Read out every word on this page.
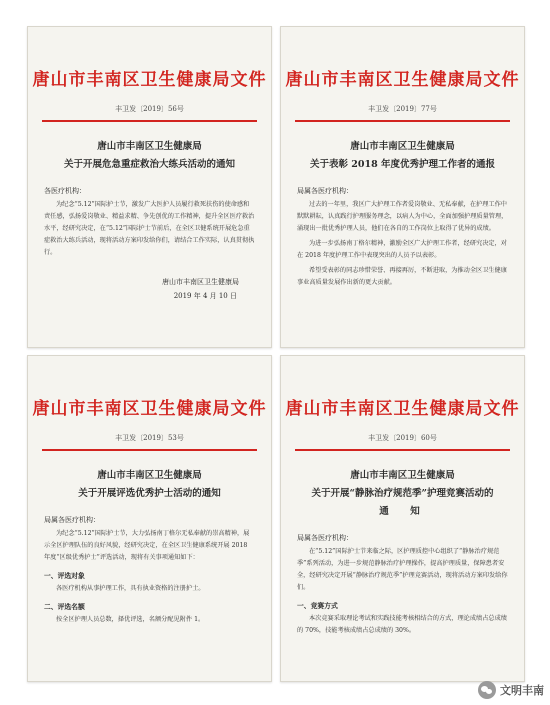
唐山市丰南区卫生健康局文件
丰卫发〔2019〕56号
唐山市丰南区卫生健康局
关于开展危急重症救治大练兵活动的通知
各医疗机构：

为纪念“5.12”国际护士节，激发广大医护人员履行救死扶伤的使命感和责任感，弘扬爱岗敬业、精益求精、争先创优的工作精神，提升全区医疗救治水平，经研究决定，在“5.12”国际护士节前后，在全区卫健系统开展危急重症救治大练兵活动，现将活动方案印发给你们，请结合工作实际，认真贯彻执行。

唐山市丰南区卫生健康局
2019 年 4 月 10 日
唐山市丰南区卫生健康局文件
丰卫发〔2019〕77号
唐山市丰南区卫生健康局
关于表彰 2018 年度优秀护理工作者的通报
局属各医疗机构：

过去的一年里，我区广大护理工作者爱岗敬业、无私奉献，在护理工作中默默耕耘，认真践行护理服务理念，以病人为中心，全面加强护理质量管理，涌现出一批优秀护理人员，他们在各自的工作岗位上取得了优异的成绩。

为进一步弘扬南丁格尔精神，激励全区广大护理工作者，经研究决定，对在 2018 年度护理工作中表现突出的人员予以表彰。

希望受表彰的同志珍惜荣誉、再接再厉，不断进取，为推动全区卫生健康事业高质量发展作出新的更大贡献。

唐山市丰南区卫生健康局文件
丰卫发〔2019〕53号
唐山市丰南区卫生健康局
关于开展评选优秀护士活动的通知
局属各医疗机构：

为纪念“5.12”国际护士节，大力弘扬南丁格尔无私奉献的崇高精神，展示全区护理队伍的良好风貌，经研究决定，在全区卫生健康系统开展 2018 年度“区级优秀护士”评选活动，现将有关事项通知如下：

一、评选对象

各医疗机构从事护理工作，具有执业资格的注册护士。

二、评选名额

按全区护理人员总数，择优评选，名额分配见附件 1。

唐山市丰南区卫生健康局文件
丰卫发〔2019〕60号
唐山市丰南区卫生健康局
关于开展“静脉治疗规范季”护理竞赛活动的
通　知
局属各医疗机构：

在“5.12”国际护士节来临之际，区护理质控中心组织了“静脉治疗规范季”系列活动，为进一步规范静脉治疗护理操作，提高护理质量，保障患者安全，经研究决定开展“静脉治疗规范季”护理竞赛活动，现将活动方案印发给你们。

一、竞赛方式

本次竞赛采取理论考试和实践技能考核相结合的方式，理论成绩占总成绩的 70%，技能考核成绩占总成绩的 30%。

文明丰南
